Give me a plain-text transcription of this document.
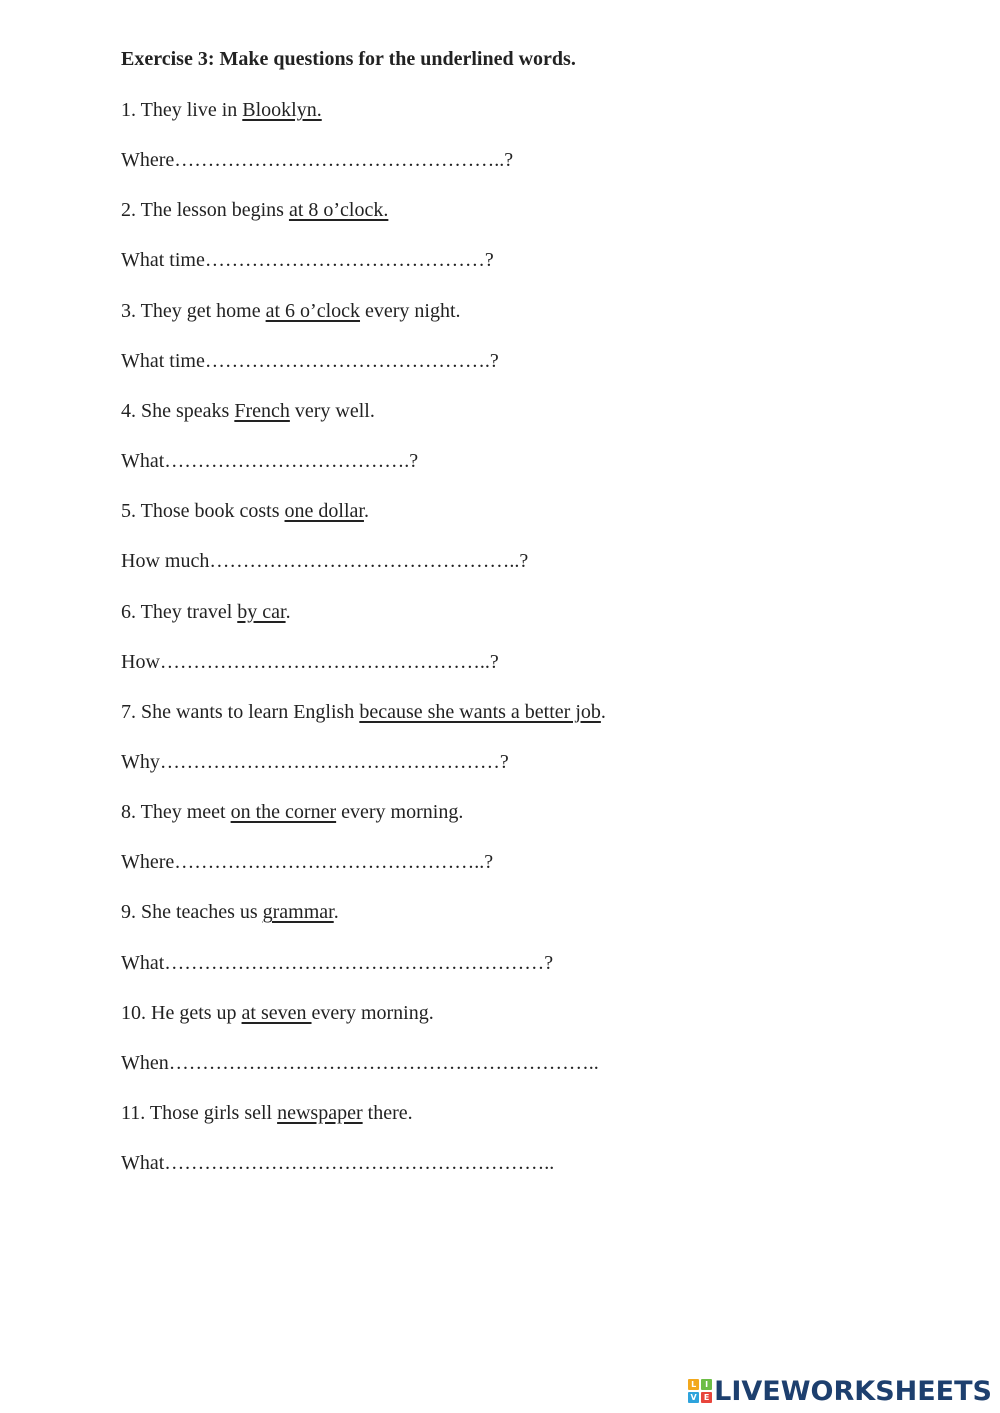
Exercise 3: Make questions for the underlined words.
1. They live in Blooklyn.
Where…………………………………………..?
2. The lesson begins at 8 o’clock.
What time……………………………………?
3. They get home at 6 o’clock every night.
What time…………………………………….?
4. She speaks French very well.
What……………………………….?
5. Those book costs one dollar.
How much………………………………………..?
6. They travel by car.
How…………………………………………..?
7. She wants to learn English because she wants a better job.
Why……………………………………………?
8. They meet on the corner every morning.
Where………………………………………..?
9. She teaches us grammar.
What…………………………………………………?
10. He gets up at seven every morning.
When………………………………………………………..
11. Those girls sell newspaper there.
What…………………………………………………..
L	I
V E LIVEWORKSHEETS
